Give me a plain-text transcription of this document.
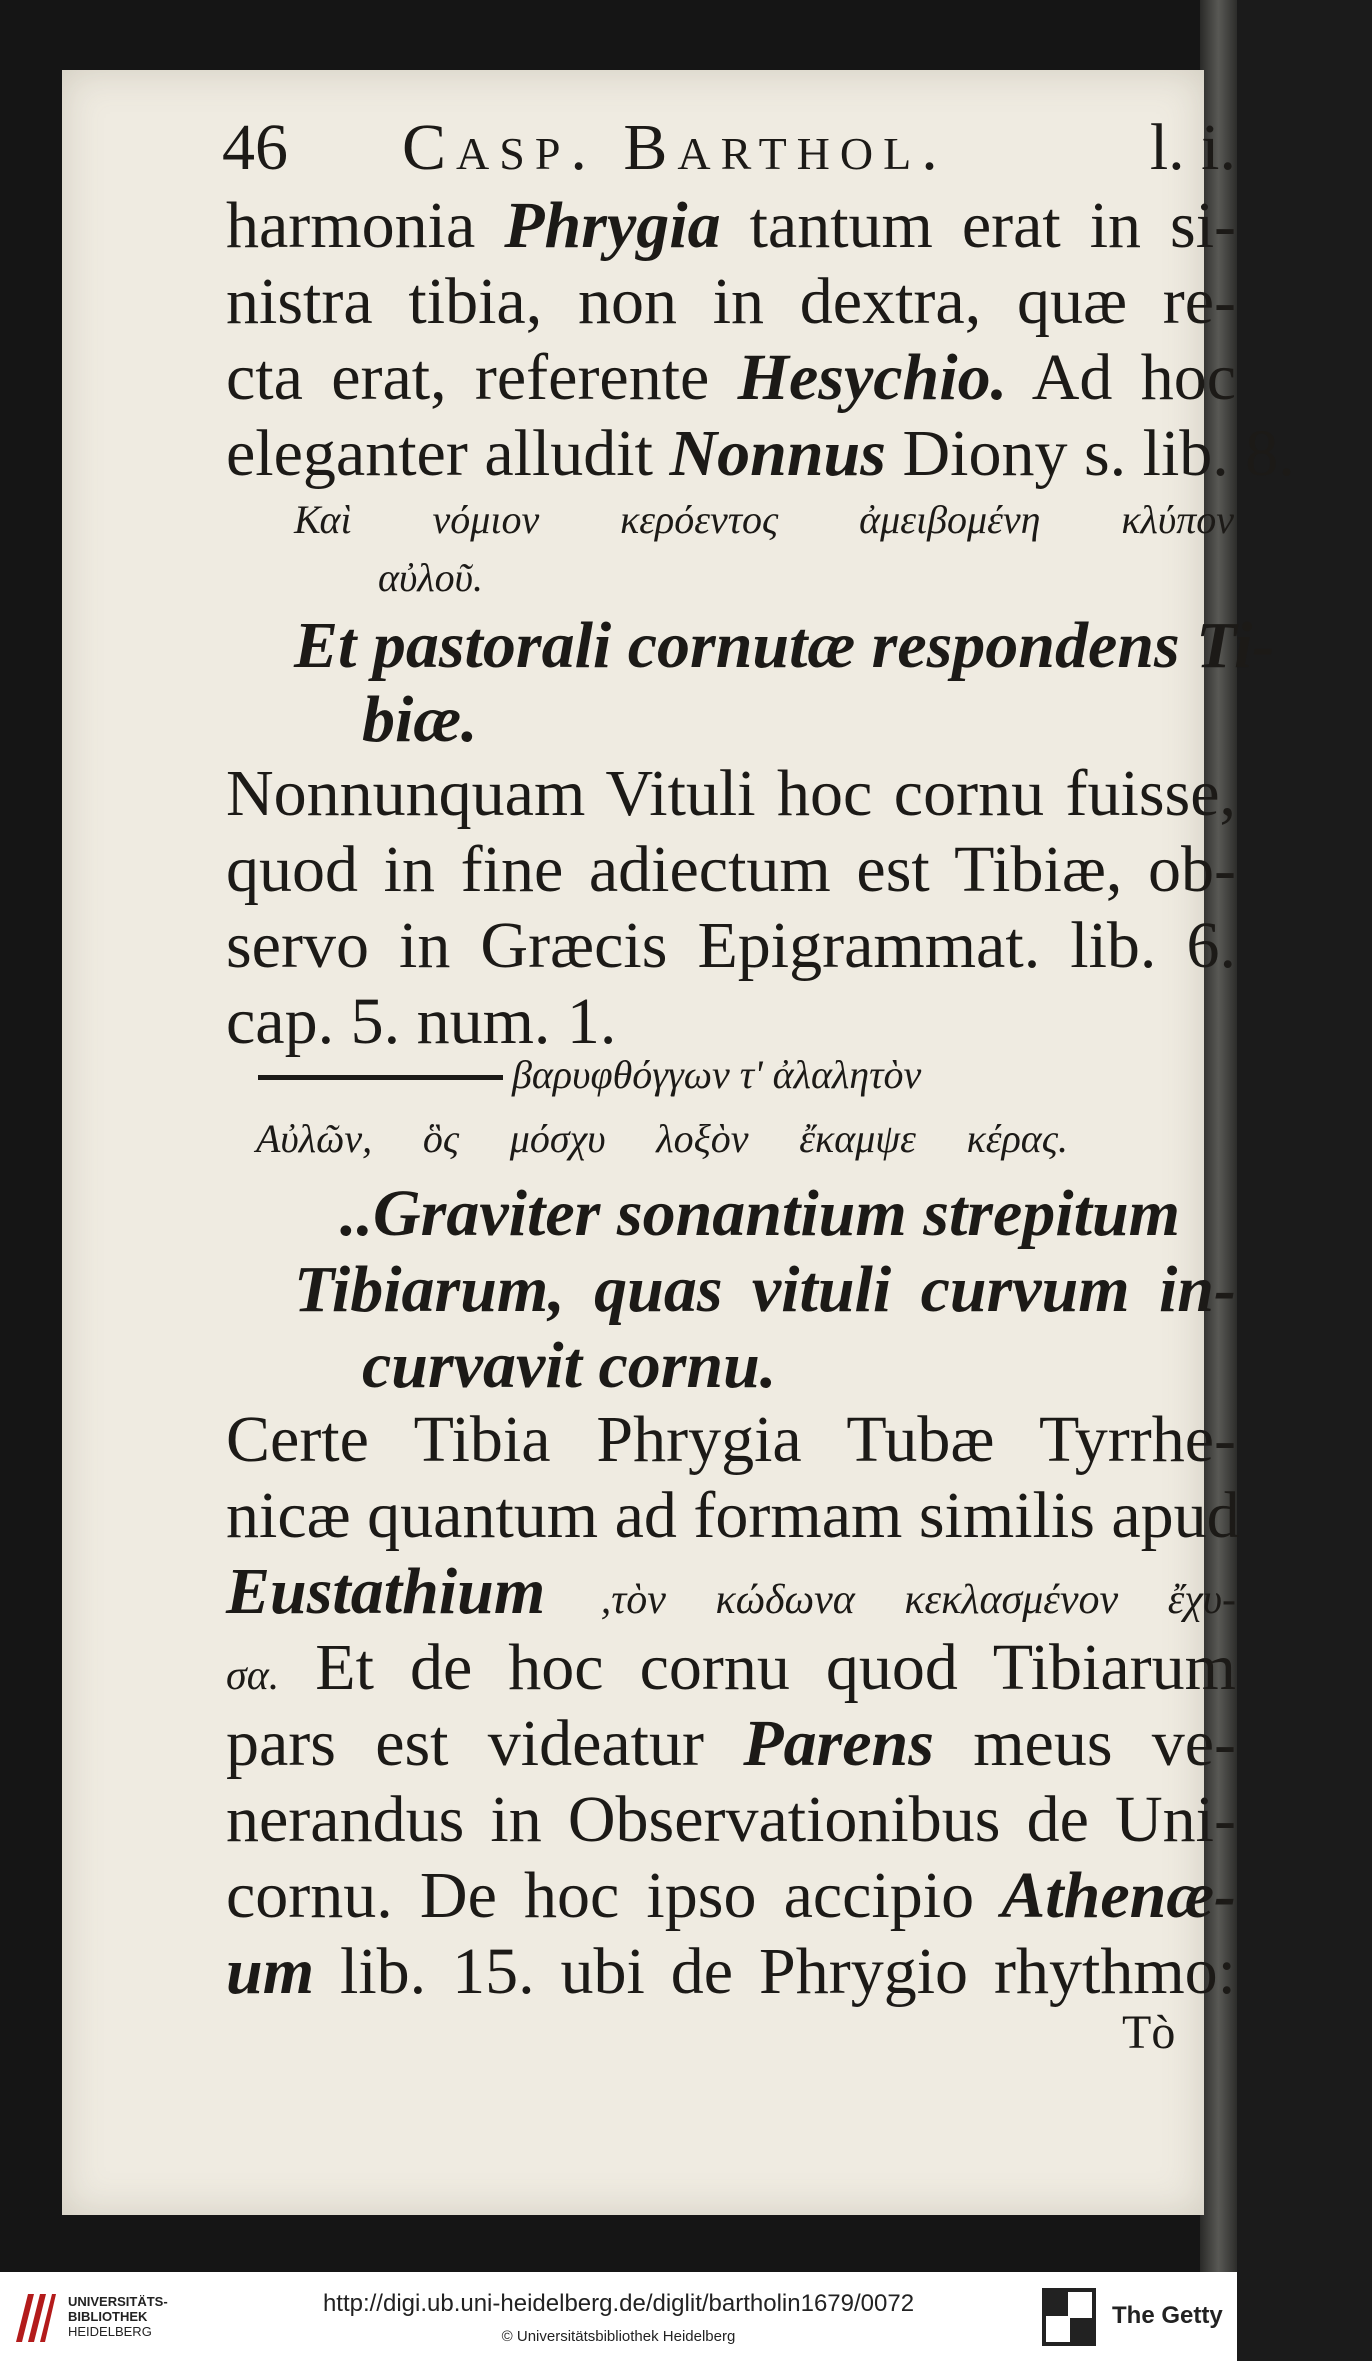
46 Casp. Barthol.	l. i.
harmonia Phrygia tantum erat in si-
nistra tibia, non in dextra, quæ re-
cta erat, referente Hesychio. Ad hoc
eleganter alludit Nonnus Diony s. lib. 8.
Καὶ νόμιον κερόεντος ἀμειβομένη κλύπον
αὐλοῦ.
Et pastorali cornutæ respondens Ti-
biæ.
Nonnunquam Vituli hoc cornu fuisse,
quod in fine adiectum est Tibiæ, ob-
servo in Græcis Epigrammat. lib. 6.
cap. 5. num. 1.
βαρυφθόγγων τ' ἀλαλητὸν
Αὐλῶν, ὃς μόσχυ λοξὸν ἔκαμψε κέρας.
..Graviter sonantium strepitum
Tibiarum, quas vituli curvum in-
curvavit cornu.
Certe Tibia Phrygia Tubæ Tyrrhe-
nicæ quantum ad formam similis apud
Eustathium ,τὸν κώδωνα κεκλασμένον ἔχυ-
σα. Et de hoc cornu quod Tibiarum
pars est videatur Parens meus ve-
nerandus in Observationibus de Uni-
cornu. De hoc ipso accipio Athenæ-
um lib. 15. ubi de Phrygio rhythmo:
Tò
UNIVERSITÄTS-
BIBLIOTHEK
HEIDELBERG
http://digi.ub.uni-heidelberg.de/diglit/bartholin1679/0072
© Universitätsbibliothek Heidelberg
The Getty
